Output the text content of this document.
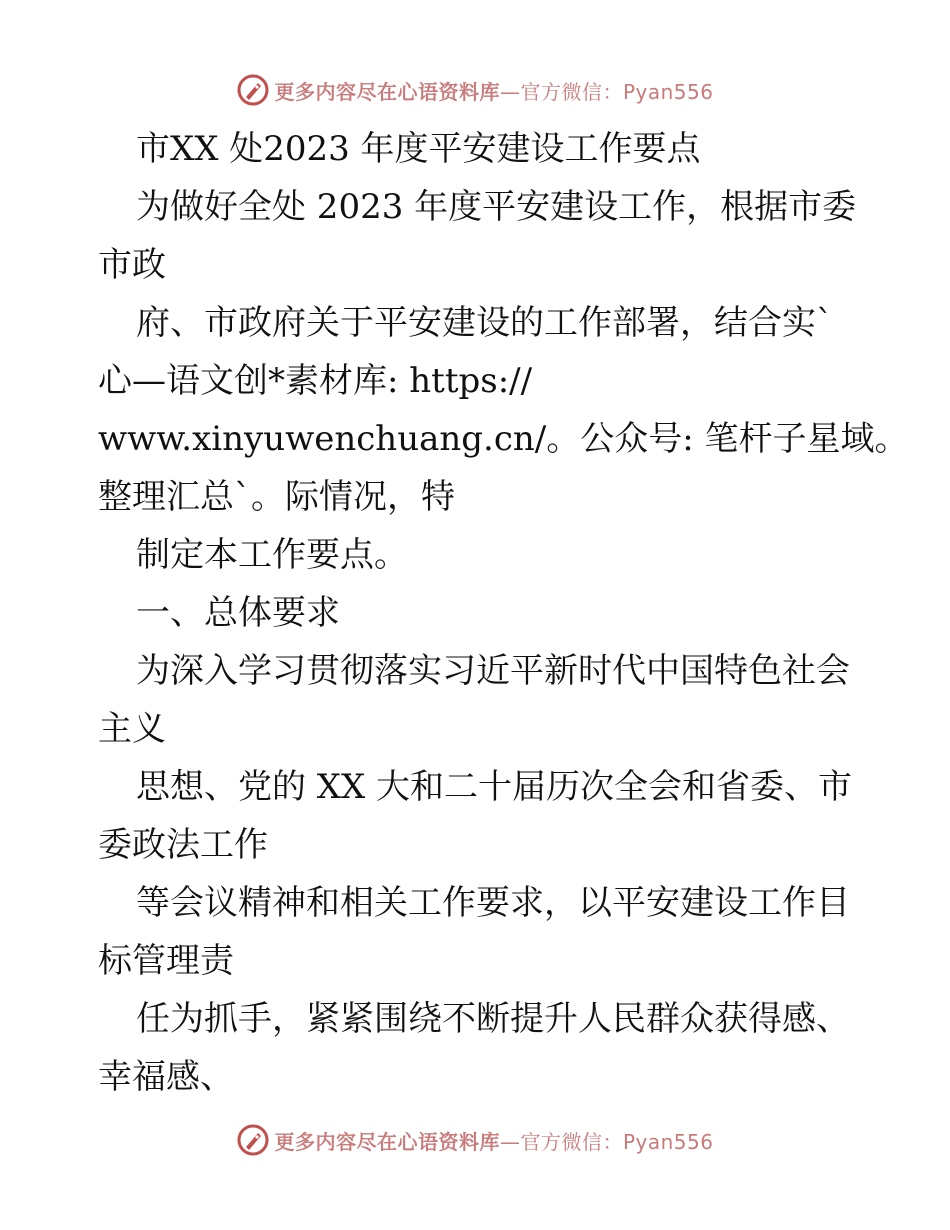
更多内容尽在心语资料库—官方微信：Pyan556
市XX 处2023 年度平安建设工作要点
为做好全处 2023 年度平安建设工作，根据市委
市政
府、市政府关于平安建设的工作部署，结合实`
心—语文创*素材库: https://
www.xinyuwenchuang.cn/。公众号: 笔杆子星域。
整理汇总`。际情况，特
制定本工作要点。
一、总体要求
为深入学习贯彻落实习近平新时代中国特色社会
主义
思想、党的 XX 大和二十届历次全会和省委、市
委政法工作
等会议精神和相关工作要求，以平安建设工作目
标管理责
任为抓手，紧紧围绕不断提升人民群众获得感、
幸福感、
更多内容尽在心语资料库—官方微信：Pyan556
